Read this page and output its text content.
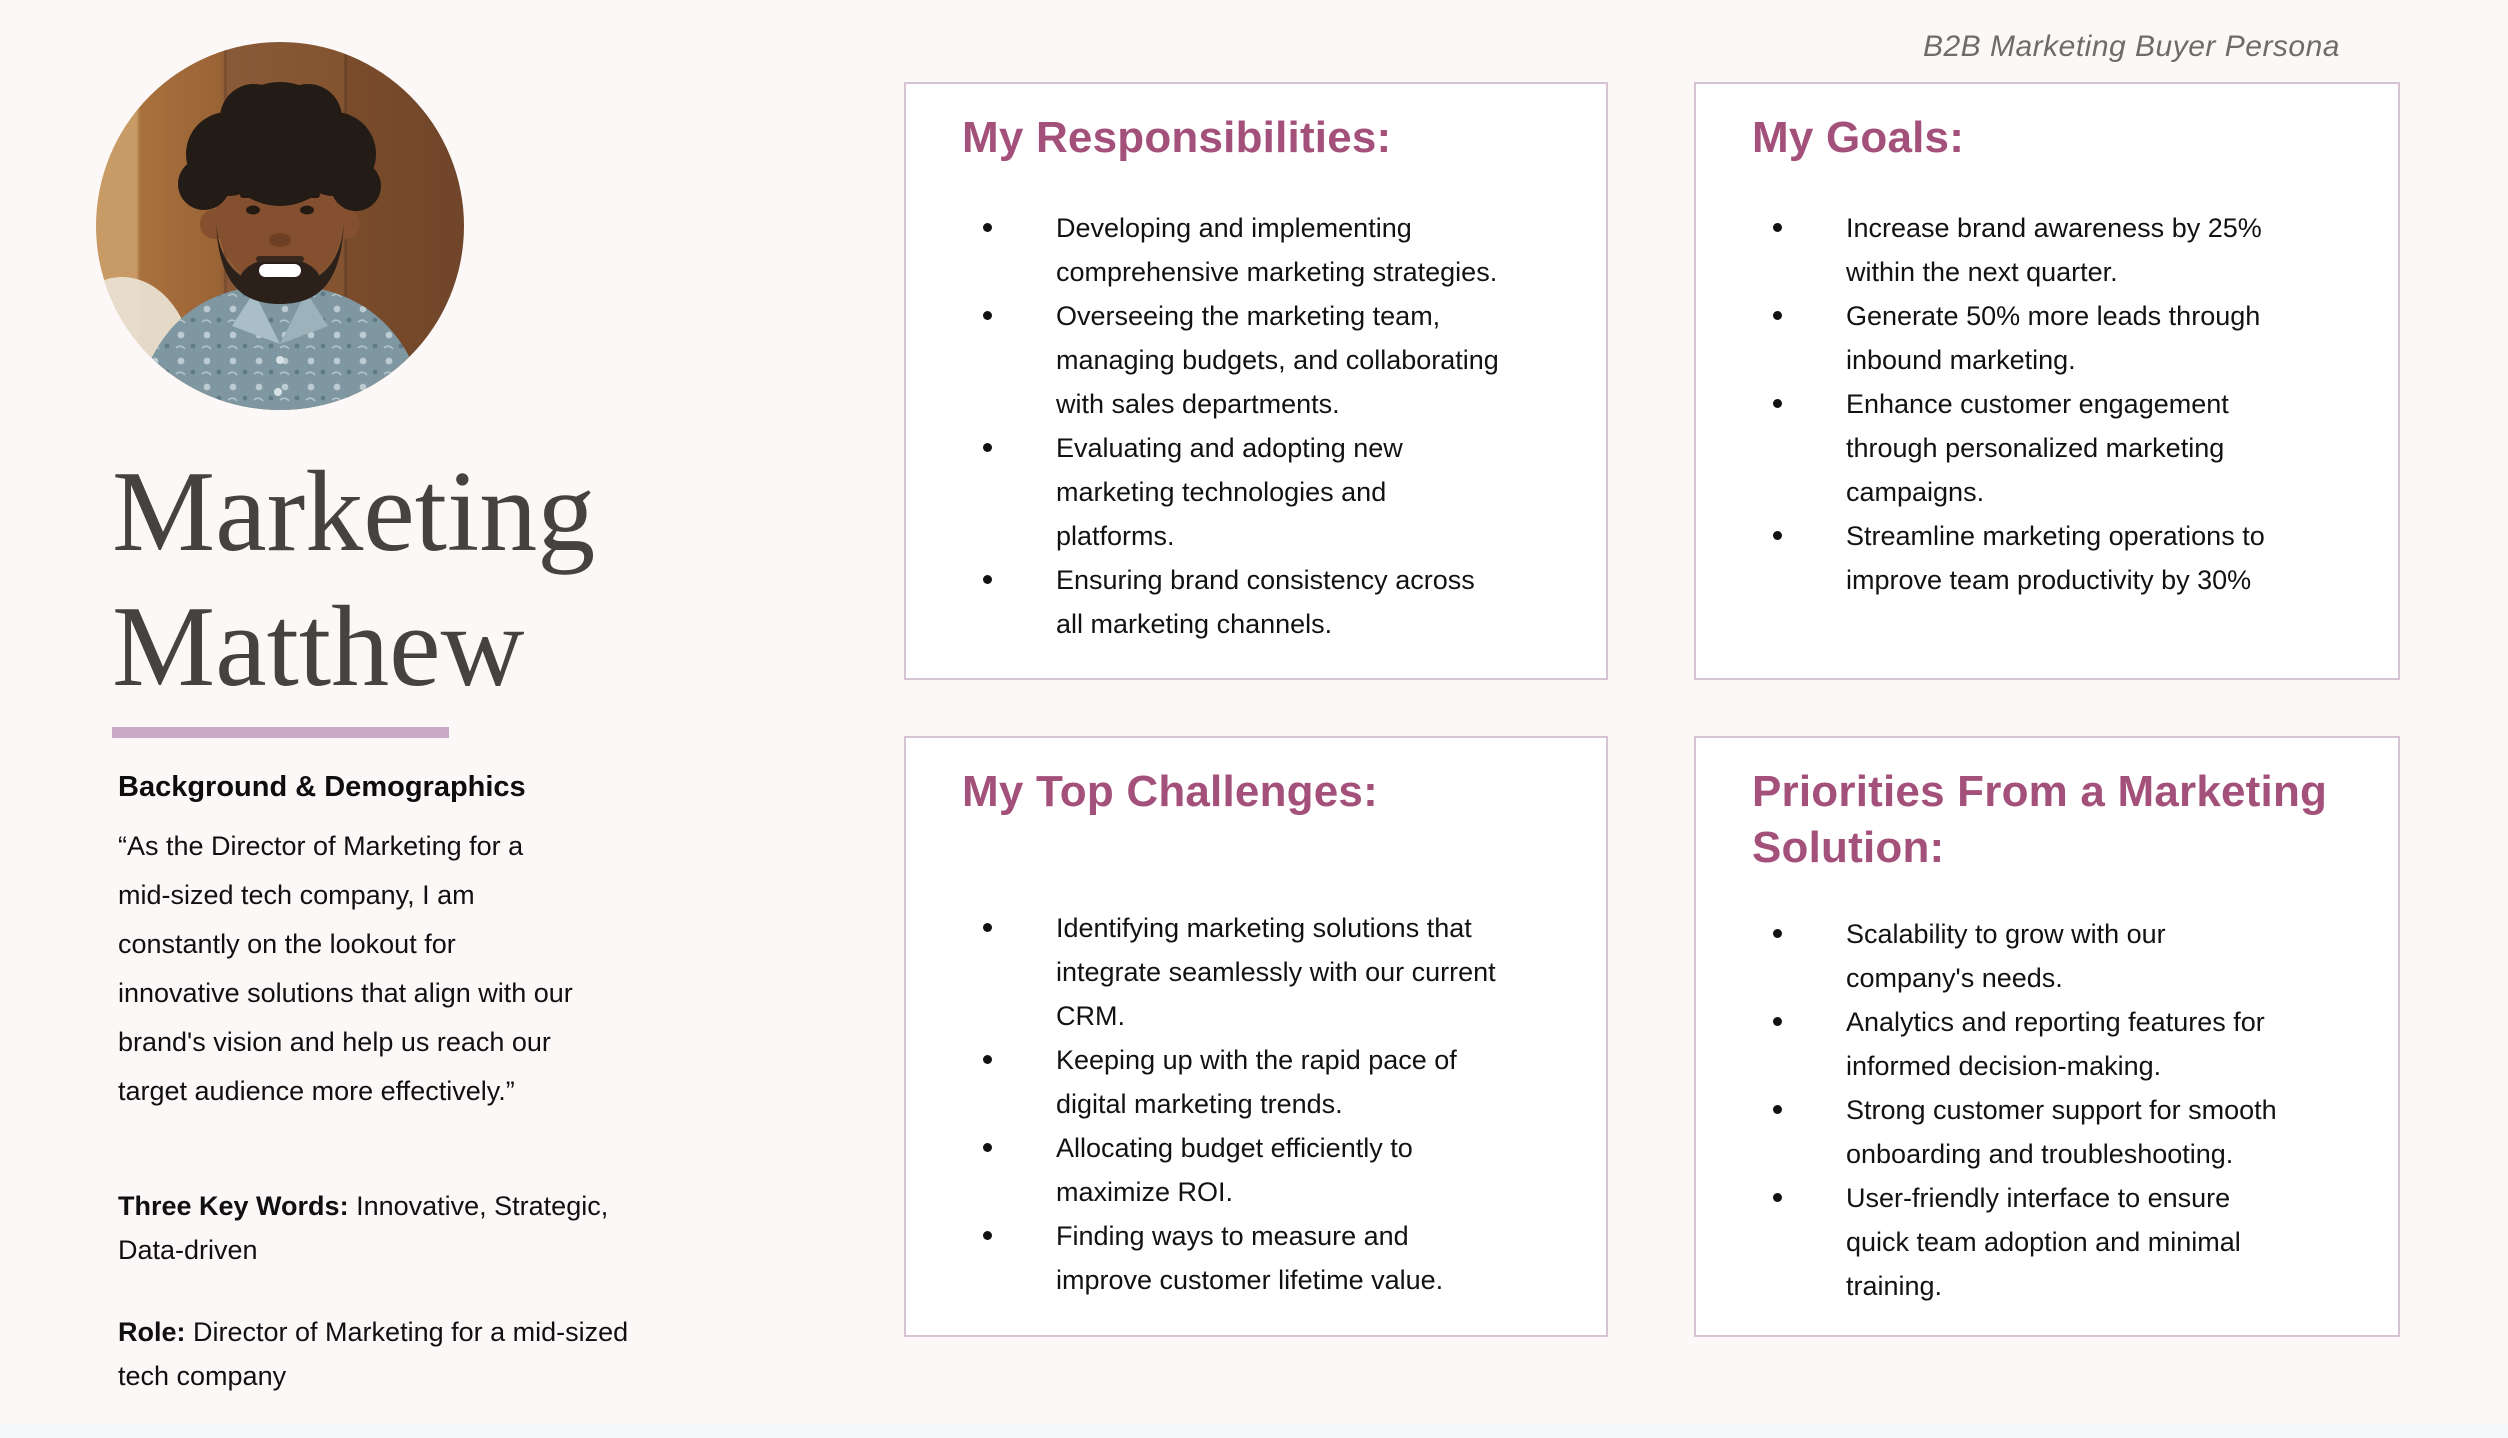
B2B Marketing Buyer Persona
Marketing
Matthew
Background & Demographics
“As the Director of Marketing for a mid-sized tech company, I am constantly on the lookout for innovative solutions that align with our brand's vision and help us reach our target audience more effectively.”
Three Key Words: Innovative, Strategic, Data-driven
Role: Director of Marketing for a mid-sized tech company
My Responsibilities:
Developing and implementing comprehensive marketing strategies.
Overseeing the marketing team, managing budgets, and collaborating with sales departments.
Evaluating and adopting new marketing technologies and platforms.
Ensuring brand consistency across all marketing channels.
My Goals:
Increase brand awareness by 25% within the next quarter.
Generate 50% more leads through inbound marketing.
Enhance customer engagement through personalized marketing campaigns.
Streamline marketing operations to improve team productivity by 30%
My Top Challenges:
Identifying marketing solutions that integrate seamlessly with our current CRM.
Keeping up with the rapid pace of digital marketing trends.
Allocating budget efficiently to maximize ROI.
Finding ways to measure and improve customer lifetime value.
Priorities From a Marketing Solution:
Scalability to grow with our company's needs.
Analytics and reporting features for informed decision-making.
Strong customer support for smooth onboarding and troubleshooting.
User-friendly interface to ensure quick team adoption and minimal training.
